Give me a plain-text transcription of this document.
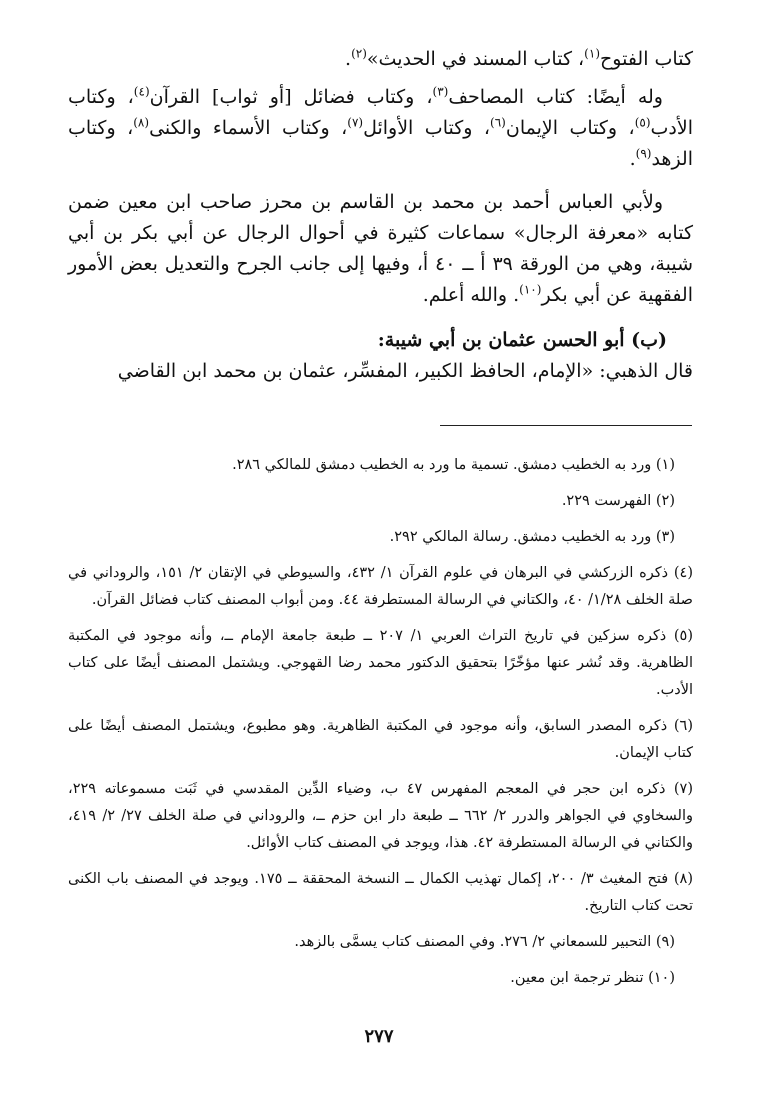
كتاب الفتوح$^{(١)}$، كتاب المسند في الحديث»$^{(٢)}$.

وله أيضًا: كتاب المصاحف$^{(٣)}$، وكتاب فضائل [أو ثواب] القرآن$^{(٤)}$، وكتاب الأدب$^{(٥)}$، وكتاب الإيمان$^{(٦)}$، وكتاب الأوائل$^{(٧)}$، وكتاب الأسماء والكنى$^{(٨)}$، وكتاب الزهد$^{(٩)}$.

ولأبي العباس أحمد بن محمد بن القاسم بن محرز صاحب ابن معين ضمن كتابه «معرفة الرجال» سماعات كثيرة في أحوال الرجال عن أبي بكر بن أبي شيبة، وهي من الورقة ٣٩ أ ــ ٤٠ أ، وفيها إلى جانب الجرح والتعديل بعض الأمور الفقهية عن أبي بكر$^{(١٠)}$. والله أعلم.

(ب) أبو الحسن عثمان بن أبي شيبة:

قال الذهبي: «الإمام، الحافظ الكبير، المفسِّر، عثمان بن محمد ابن القاضي

(١) ورد به الخطيب دمشق. تسمية ما ورد به الخطيب دمشق للمالكي ٢٨٦.

(٢) الفهرست ٢٢٩.

(٣) ورد به الخطيب دمشق. رسالة المالكي ٢٩٢.

(٤) ذكره الزركشي في البرهان في علوم القرآن ١/ ٤٣٢، والسيوطي في الإتقان ٢/ ١٥١، والروداني في صلة الخلف ١/٢٨/ ٤٠، والكتاني في الرسالة المستطرفة ٤٤. ومن أبواب المصنف كتاب فضائل القرآن.

(٥) ذكره سزكين في تاريخ التراث العربي ١/ ٢٠٧ ــ طبعة جامعة الإمام ــ، وأنه موجود في المكتبة الظاهرية. وقد نُشر عنها مؤخّرًا بتحقيق الدكتور محمد رضا القهوجي. ويشتمل المصنف أيضًا على كتاب الأدب.

(٦) ذكره المصدر السابق، وأنه موجود في المكتبة الظاهرية. وهو مطبوع، ويشتمل المصنف أيضًا على كتاب الإيمان.

(٧) ذكره ابن حجر في المعجم المفهرس ٤٧ ب، وضياء الدِّين المقدسي في ثَبَت مسموعاته ٢٢٩، والسخاوي في الجواهر والدرر ٢/ ٦٦٢ ــ طبعة دار ابن حزم ــ، والروداني في صلة الخلف ٢٧/ ٢/ ٤١٩، والكتاني في الرسالة المستطرفة ٤٢. هذا، ويوجد في المصنف كتاب الأوائل.

(٨) فتح المغيث ٣/ ٢٠٠، إكمال تهذيب الكمال ــ النسخة المحققة ــ ١٧٥. ويوجد في المصنف باب الكنى تحت كتاب التاريخ.

(٩) التحبير للسمعاني ٢/ ٢٧٦. وفي المصنف كتاب يسمَّى بالزهد.

(١٠) تنظر ترجمة ابن معين.

٢٧٧
